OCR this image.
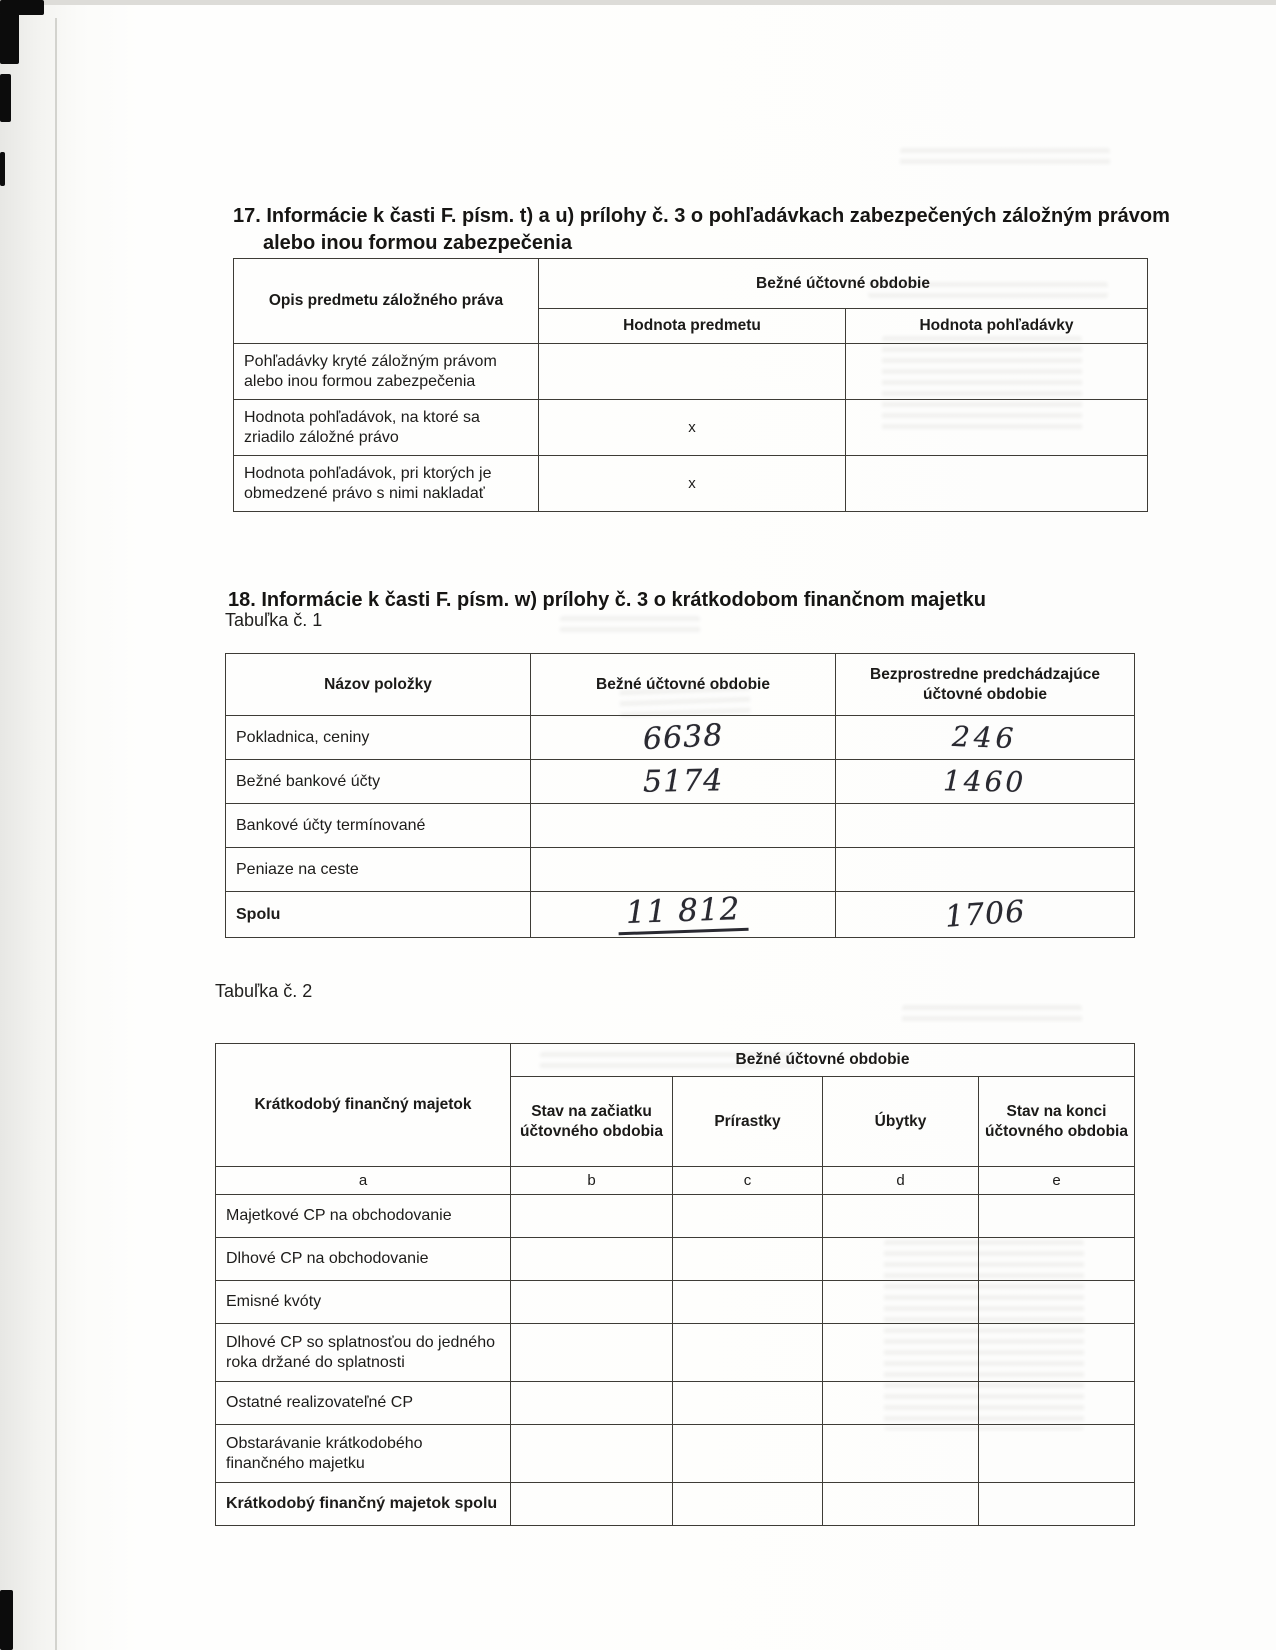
17. Informácie k časti F. písm. t) a u) prílohy č. 3 o pohľadávkach zabezpečených záložným právom alebo inou formou zabezpečenia
Opis predmetu záložného práva	Bežné účtovné obdobie	
	Hodnota predmetu	Hodnota pohľadávky
Pohľadávky kryté záložným právom alebo inou formou zabezpečenia		
Hodnota pohľadávok, na ktoré sa zriadilo záložné právo	x	
Hodnota pohľadávok, pri ktorých je obmedzené právo s nimi nakladať	x	
18. Informácie k časti F. písm. w) prílohy č. 3 o krátkodobom finančnom majetku
Tabuľka č. 1
Názov položky	Bežné účtovné obdobie	Bezprostredne predchádzajúce účtovné obdobie
Pokladnica, ceniny	6638	246
Bežné bankové účty	5174	1460
Bankové účty termínované		
Peniaze na ceste		
Spolu	11 812	1706
Tabuľka č. 2
Krátkodobý finančný majetok	Bežné účtovné obdobie			
	Stav na začiatku účtovného obdobia	Prírastky	Úbytky	Stav na konci účtovného obdobia
a	b	c	d	e
Majetkové CP na obchodovanie				
Dlhové CP na obchodovanie				
Emisné kvóty				
Dlhové CP so splatnosťou do jedného roka držané do splatnosti				
Ostatné realizovateľné CP				
Obstarávanie krátkodobého finančného majetku				
Krátkodobý finančný majetok spolu				
